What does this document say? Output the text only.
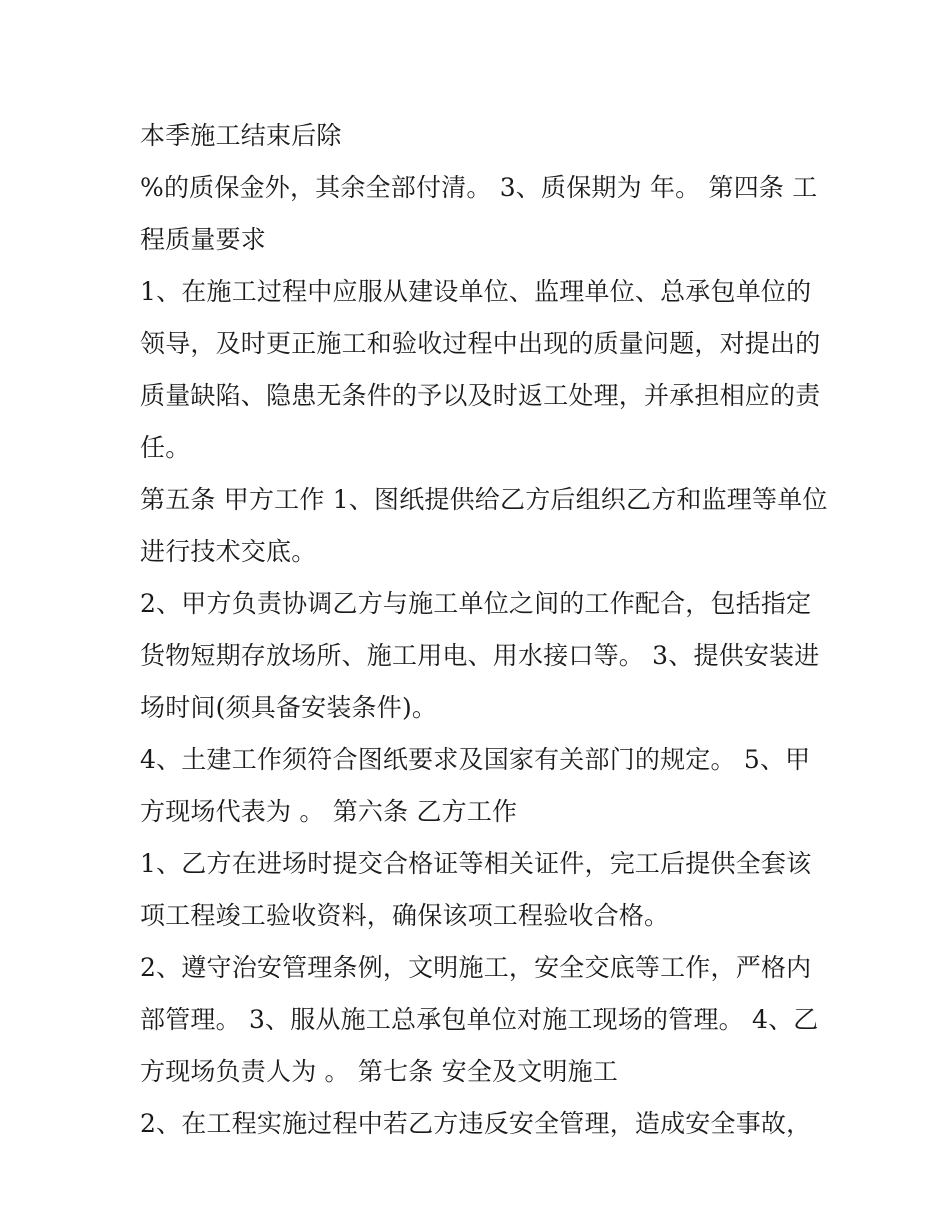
本季施工结束后除
%的质保金外，其余全部付清。 3、质保期为 年。 第四条 工
程质量要求
1、在施工过程中应服从建设单位、监理单位、总承包单位的
领导，及时更正施工和验收过程中出现的质量问题，对提出的
质量缺陷、隐患无条件的予以及时返工处理，并承担相应的责
任。
第五条 甲方工作 1、图纸提供给乙方后组织乙方和监理等单位
进行技术交底。
2、甲方负责协调乙方与施工单位之间的工作配合，包括指定
货物短期存放场所、施工用电、用水接口等。 3、提供安装进
场时间(须具备安装条件)。
4、土建工作须符合图纸要求及国家有关部门的规定。 5、甲
方现场代表为 。 第六条 乙方工作
1、乙方在进场时提交合格证等相关证件，完工后提供全套该
项工程竣工验收资料，确保该项工程验收合格。
2、遵守治安管理条例，文明施工，安全交底等工作，严格内
部管理。 3、服从施工总承包单位对施工现场的管理。 4、乙
方现场负责人为 。 第七条 安全及文明施工
2、在工程实施过程中若乙方违反安全管理，造成安全事故，
